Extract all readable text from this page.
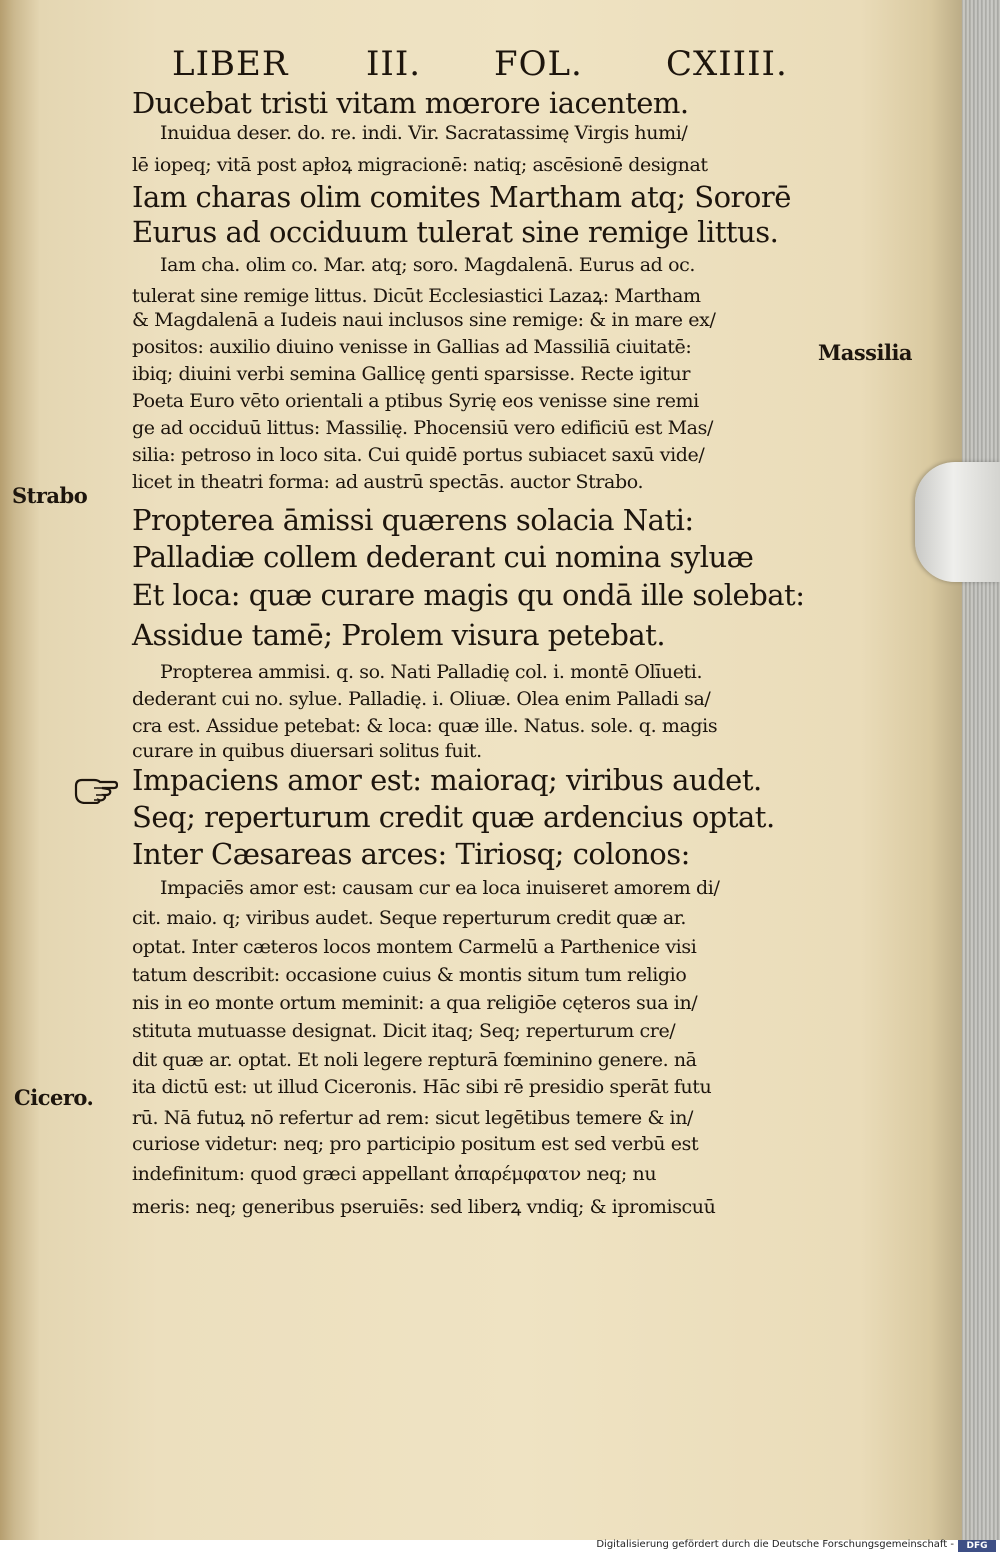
LIBER III. FOL. CXIIII.
Ducebat tristi vitam mœrore iacentem.
Inuidua deser. do. re. indi. Vir. Sacratassimę Virgis humi/
lē iopeq; vitā post apłoꝝ migracionē: natiq; ascēsionē designat
Iam charas olim comites Martham atq; Sororē
Eurus ad occiduum tulerat sine remige littus.
Iam cha. olim co. Mar. atq; soro. Magdalenā. Eurus ad oc.
tulerat sine remige littus. Dicūt Ecclesiastici Lazaꝝ: Martham
& Magdalenā a Iudeis naui inclusos sine remige: & in mare ex/
positos: auxilio diuino venisse in Gallias ad Massiliā ciuitatē:
ibiq; diuini verbi semina Gallicę genti sparsisse. Recte igitur
Poeta Euro vēto orientali a ptibus Syrię eos venisse sine remi
ge ad occiduū littus: Massilię. Phocensiū vero edificiū est Mas/
silia: petroso in loco sita. Cui quidē portus subiacet saxū vide/
licet in theatri forma: ad austrū spectās. auctor Strabo.
Propterea āmissi quærens solacia Nati:
Palladiæ collem dederant cui nomina syluæ
Et loca: quæ curare magis qu ondā ille solebat:
Assidue tamē; Prolem visura petebat.
Propterea ammisi. q. so. Nati Palladię col. i. montē Olīueti.
dederant cui no. sylue. Palladię. i. Oliuæ. Olea enim Palladi sa/
cra est. Assidue petebat: & loca: quæ ille. Natus. sole. q. magis
curare in quibus diuersari solitus fuit.
Impaciens amor est: maioraq; viribus audet.
Seq; reperturum credit quæ ardencius optat.
Inter Cæsareas arces: Tiriosq; colonos:
Impaciēs amor est: causam cur ea loca inuiseret amorem di/
cit. maio. q; viribus audet. Seque reperturum credit quæ ar.
optat. Inter cæteros locos montem Carmelū a Parthenice visi
tatum describit: occasione cuius & montis situm tum religio
nis in eo monte ortum meminit: a qua religiōe cęteros sua in/
stituta mutuasse designat. Dicit itaq; Seq; reperturum cre/
dit quæ ar. optat. Et noli legere repturā fœminino genere. nā
ita dictū est: ut illud Ciceronis. Hāc sibi rē presidio sperāt futu
rū. Nā futuꝝ nō refertur ad rem: sicut legētibus temere & in/
curiose videtur: neq; pro participio positum est sed verbū est
indefinitum: quod græci appellant ἀπαρέμφατον neq; nu
meris: neq; generibus pseruiēs: sed liberꝝ vndiq; & ipromiscuū
Massilia
Strabo
Cicero.
Digitalisierung gefördert durch die Deutsche Forschungsgemeinschaft -	DFG
